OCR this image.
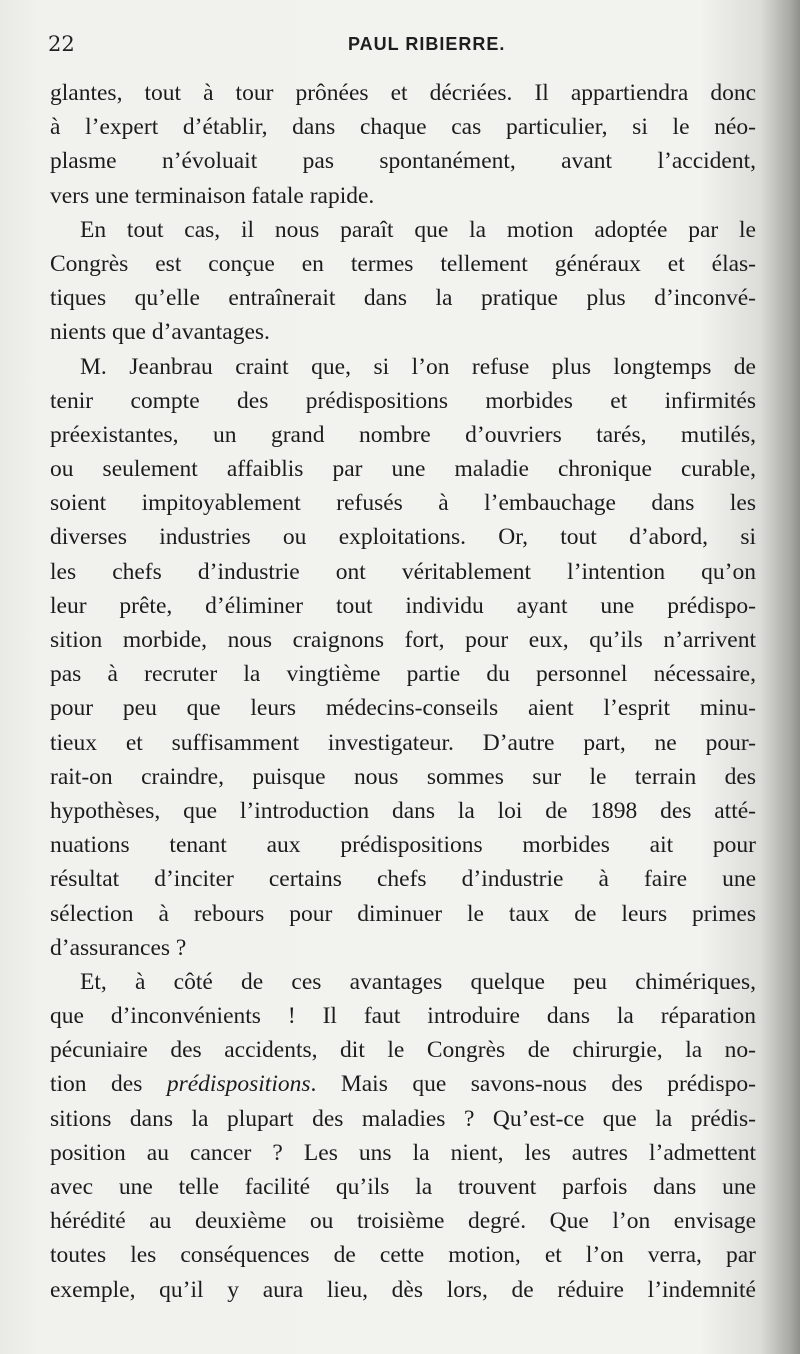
22	PAUL RIBIERRE.
glantes, tout à tour prônées et décriées. Il appartiendra donc
à l’expert d’établir, dans chaque cas particulier, si le néo-
plasme n’évoluait pas spontanément, avant l’accident,
vers une terminaison fatale rapide.
En tout cas, il nous paraît que la motion adoptée par le
Congrès est conçue en termes tellement généraux et élas-
tiques qu’elle entraînerait dans la pratique plus d’inconvé-
nients que d’avantages.
M. Jeanbrau craint que, si l’on refuse plus longtemps de
tenir compte des prédispositions morbides et infirmités
préexistantes, un grand nombre d’ouvriers tarés, mutilés,
ou seulement affaiblis par une maladie chronique curable,
soient impitoyablement refusés à l’embauchage dans les
diverses industries ou exploitations. Or, tout d’abord, si
les chefs d’industrie ont véritablement l’intention qu’on
leur prête, d’éliminer tout individu ayant une prédispo-
sition morbide, nous craignons fort, pour eux, qu’ils n’arrivent
pas à recruter la vingtième partie du personnel nécessaire,
pour peu que leurs médecins-conseils aient l’esprit minu-
tieux et suffisamment investigateur. D’autre part, ne pour-
rait-on craindre, puisque nous sommes sur le terrain des
hypothèses, que l’introduction dans la loi de 1898 des atté-
nuations tenant aux prédispositions morbides ait pour
résultat d’inciter certains chefs d’industrie à faire une
sélection à rebours pour diminuer le taux de leurs primes
d’assurances ?
Et, à côté de ces avantages quelque peu chimériques,
que d’inconvénients ! Il faut introduire dans la réparation
pécuniaire des accidents, dit le Congrès de chirurgie, la no-
tion des prédispositions. Mais que savons-nous des prédispo-
sitions dans la plupart des maladies ? Qu’est-ce que la prédis-
position au cancer ? Les uns la nient, les autres l’admettent
avec une telle facilité qu’ils la trouvent parfois dans une
hérédité au deuxième ou troisième degré. Que l’on envisage
toutes les conséquences de cette motion, et l’on verra, par
exemple, qu’il y aura lieu, dès lors, de réduire l’indemnité
